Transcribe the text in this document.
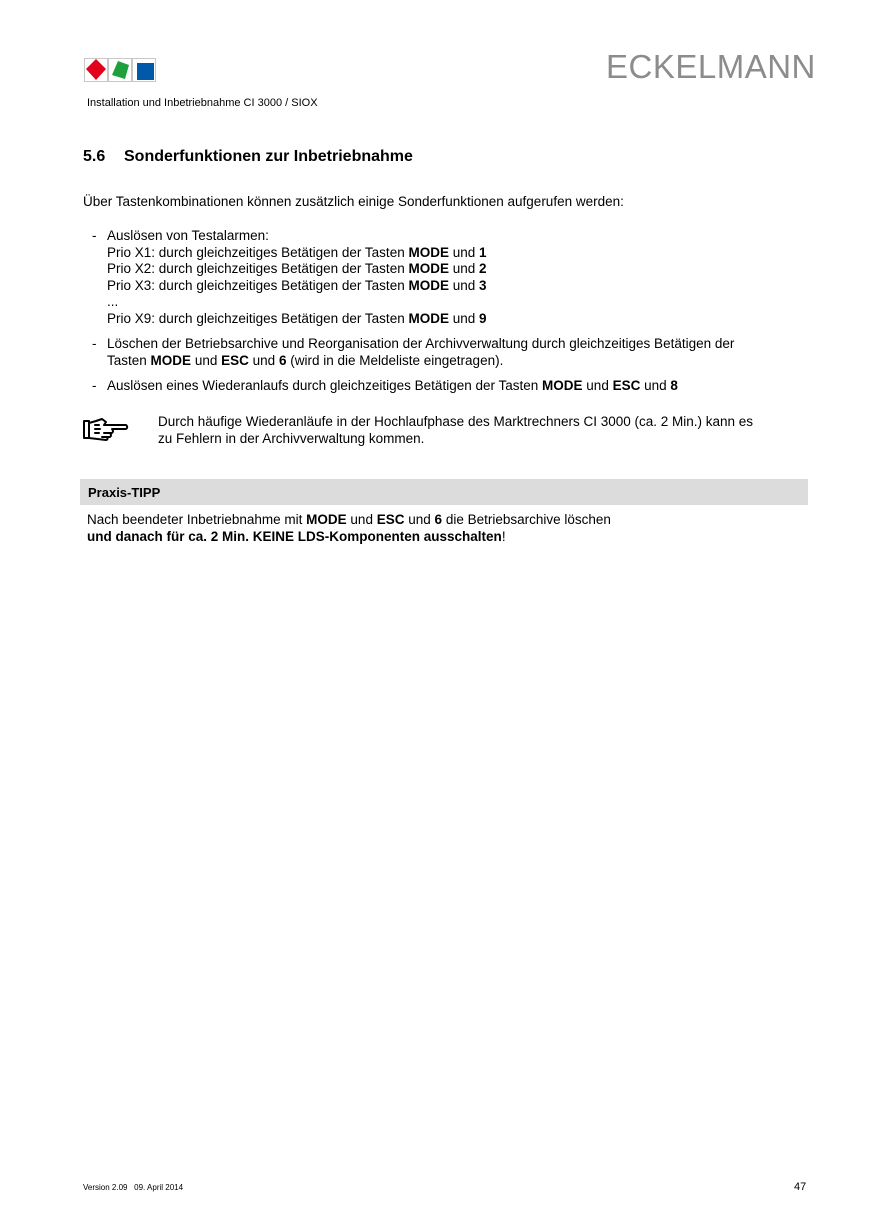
ECKELMANN
Installation und Inbetriebnahme CI 3000 / SIOX
5.6 Sonderfunktionen zur Inbetriebnahme
Über Tastenkombinationen können zusätzlich einige Sonderfunktionen aufgerufen werden:
- Auslösen von Testalarmen:
Prio X1: durch gleichzeitiges Betätigen der Tasten MODE und 1
Prio X2: durch gleichzeitiges Betätigen der Tasten MODE und 2
Prio X3: durch gleichzeitiges Betätigen der Tasten MODE und 3
...
Prio X9: durch gleichzeitiges Betätigen der Tasten MODE und 9
- Löschen der Betriebsarchive und Reorganisation der Archivverwaltung durch gleichzeitiges Betätigen der
Tasten MODE und ESC und 6 (wird in die Meldeliste eingetragen).
- Auslösen eines Wiederanlaufs durch gleichzeitiges Betätigen der Tasten MODE und ESC und 8
Durch häufige Wiederanläufe in der Hochlaufphase des Marktrechners CI 3000 (ca. 2 Min.) kann es
zu Fehlern in der Archivverwaltung kommen.
Praxis-TIPP
Nach beendeter Inbetriebnahme mit MODE und ESC und 6 die Betriebsarchive löschen
und danach für ca. 2 Min. KEINE LDS-Komponenten ausschalten!
Version 2.09   09. April 2014	47
